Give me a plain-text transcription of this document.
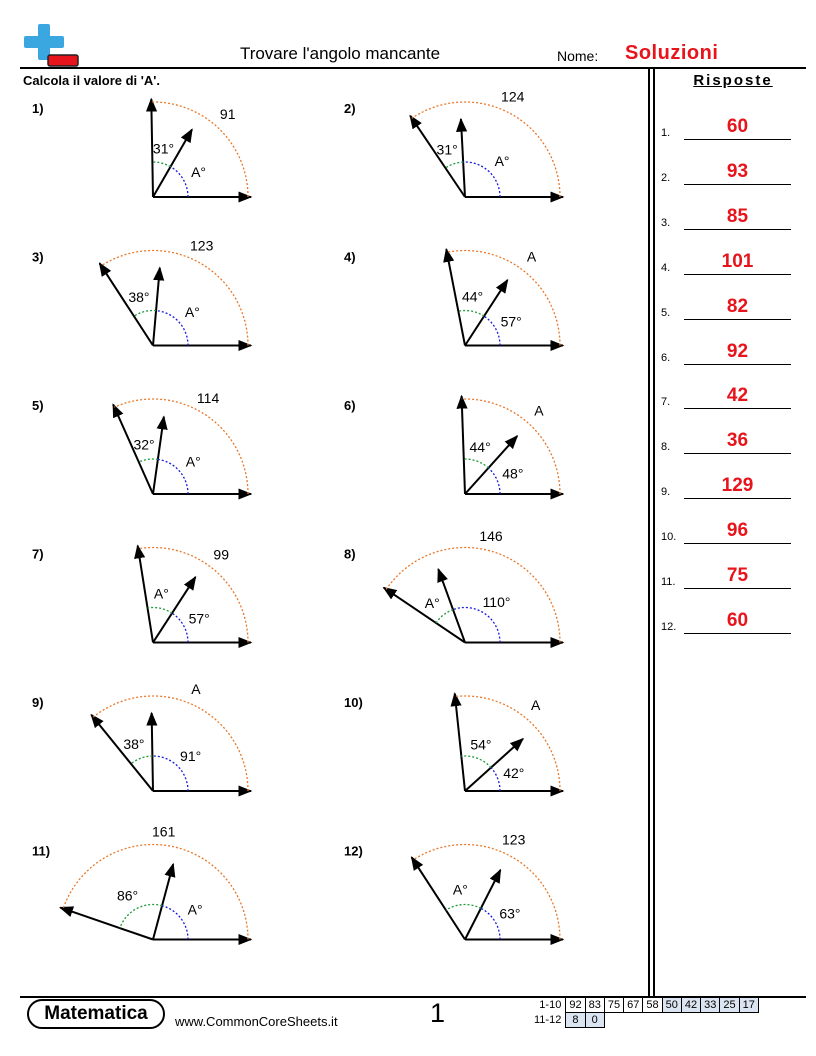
Trovare l'angolo mancante	Nome: Soluzioni
Calcola il valore di 'A'.	Risposte
1.	60
2.	93
3.	85
4.	101
5.	82
6.	92
7.	42
8.	36
9.	129
10.	96
11.	75
12.	60
1)	91
31°
A°
2)
124
31°
A°
3)
123
38°
A°
4)	A
44°
57°
5)	114
32°
A°
6)	A
44°
48°
7)	99
A°
57°
8)
146
A°	110°
9)
A
38°
91°
10)	A
54°
42°
11)
161
86°
A°
12)
123
A°
63°
Matematica	www.CommonCoreSheets.it	1	1-10	92	83	75	67	58	50	42	33	25	17
11-12	8	0								
